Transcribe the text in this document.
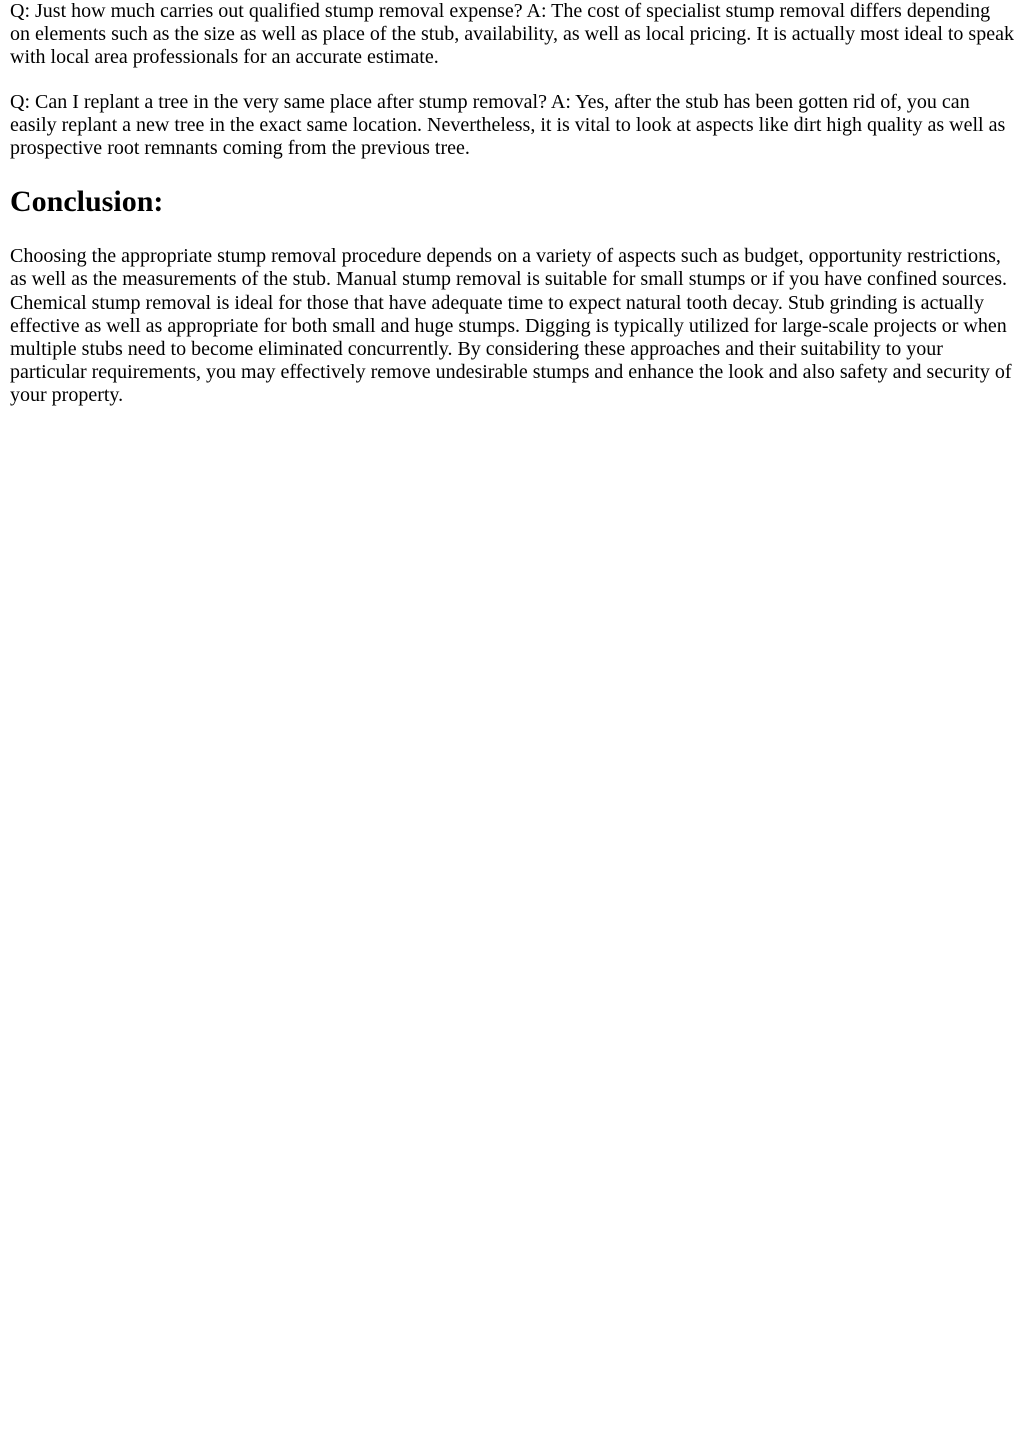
Q: Just how much carries out qualified stump removal expense? A: The cost of specialist stump removal differs depending on elements such as the size as well as place of the stub, availability, as well as local pricing. It is actually most ideal to speak with local area professionals for an accurate estimate.

Q: Can I replant a tree in the very same place after stump removal? A: Yes, after the stub has been gotten rid of, you can easily replant a new tree in the exact same location. Nevertheless, it is vital to look at aspects like dirt high quality as well as prospective root remnants coming from the previous tree.

Conclusion:

Choosing the appropriate stump removal procedure depends on a variety of aspects such as budget, opportunity restrictions, as well as the measurements of the stub. Manual stump removal is suitable for small stumps or if you have confined sources. Chemical stump removal is ideal for those that have adequate time to expect natural tooth decay. Stub grinding is actually effective as well as appropriate for both small and huge stumps. Digging is typically utilized for large-scale projects or when multiple stubs need to become eliminated concurrently. By considering these approaches and their suitability to your particular requirements, you may effectively remove undesirable stumps and enhance the look and also safety and security of your property.
